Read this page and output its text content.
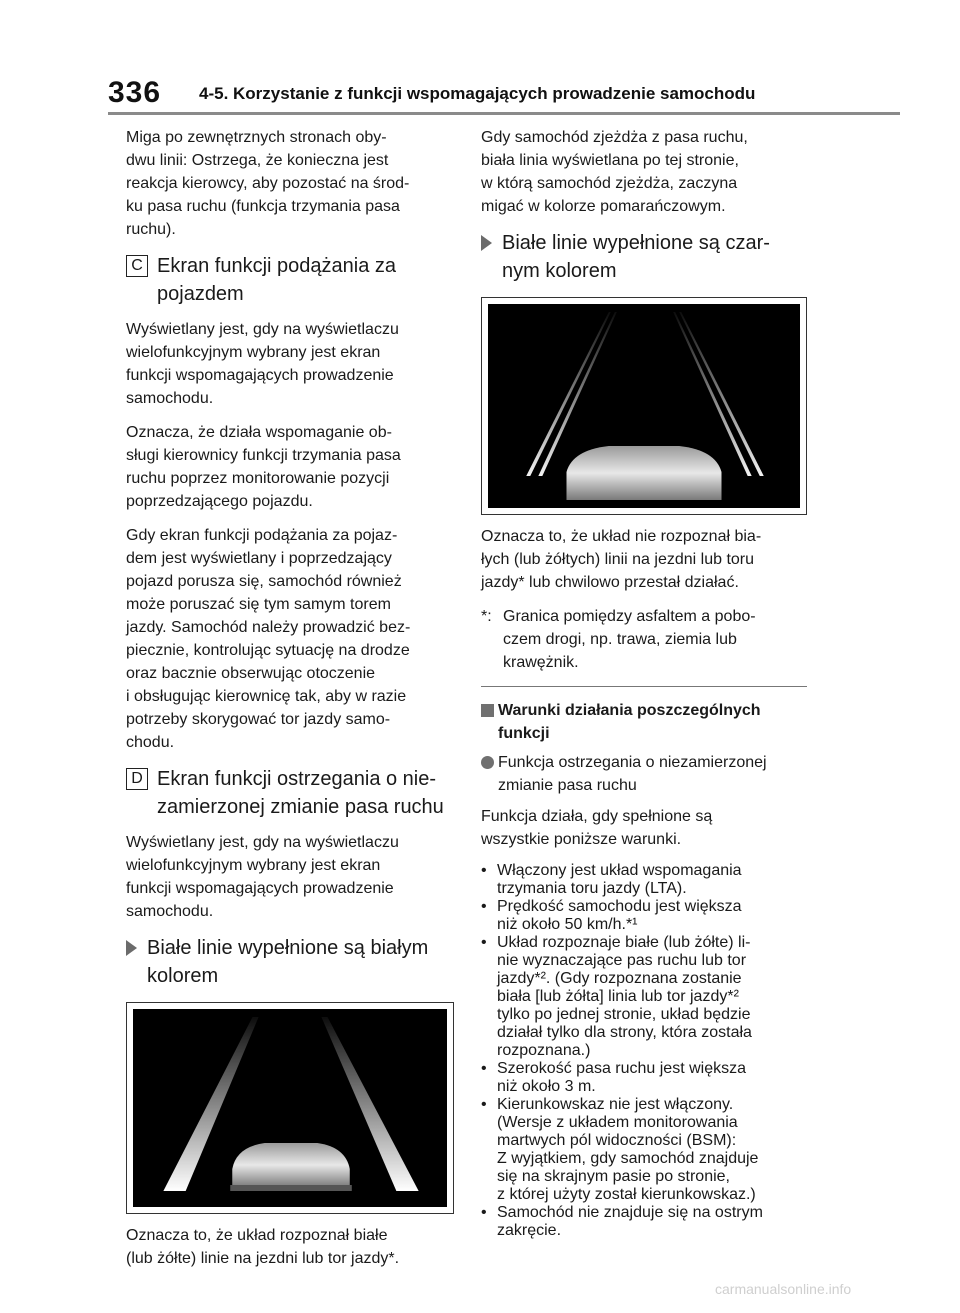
336 4-5. Korzystanie z funkcji wspomagających prowadzenie samochodu

Miga po zewnętrznych stronach oby-
dwu linii: Ostrzega, że konieczna jest
reakcja kierowcy, aby pozostać na środ-
ku pasa ruchu (funkcja trzymania pasa
ruchu).

C Ekran funkcji podążania za
pojazdem

Wyświetlany jest, gdy na wyświetlaczu
wielofunkcyjnym wybrany jest ekran
funkcji wspomagających prowadzenie
samochodu.

Oznacza, że działa wspomaganie ob-
sługi kierownicy funkcji trzymania pasa
ruchu poprzez monitorowanie pozycji
poprzedzającego pojazdu.

Gdy ekran funkcji podążania za pojaz-
dem jest wyświetlany i poprzedzający
pojazd porusza się, samochód również
może poruszać się tym samym torem
jazdy. Samochód należy prowadzić bez-
piecznie, kontrolując sytuację na drodze
oraz bacznie obserwując otoczenie
i obsługując kierownicę tak, aby w razie
potrzeby skorygować tor jazdy samo-
chodu.

D Ekran funkcji ostrzegania o nie-
zamierzonej zmianie pasa ruchu

Wyświetlany jest, gdy na wyświetlaczu
wielofunkcyjnym wybrany jest ekran
funkcji wspomagających prowadzenie
samochodu.

Białe linie wypełnione są białym
kolorem

Oznacza to, że układ rozpoznał białe
(lub żółte) linie na jezdni lub tor jazdy*.

Gdy samochód zjeżdża z pasa ruchu,
biała linia wyświetlana po tej stronie,
w którą samochód zjeżdża, zaczyna
migać w kolorze pomarańczowym.

Białe linie wypełnione są czar-
nym kolorem

Oznacza to, że układ nie rozpoznał bia-
łych (lub żółtych) linii na jezdni lub toru
jazdy* lub chwilowo przestał działać.

*: Granica pomiędzy asfaltem a pobo-
czem drogi, np. trawa, ziemia lub
krawężnik.
Warunki działania poszczególnych
funkcji
Funkcja ostrzegania o niezamierzonej
zmianie pasa ruchu

Funkcja działa, gdy spełnione są
wszystkie poniższe warunki.

• Włączony jest układ wspomagania
trzymania toru jazdy (LTA).
• Prędkość samochodu jest większa
niż około 50 km/h.*¹
• Układ rozpoznaje białe (lub żółte) li-
nie wyznaczające pas ruchu lub tor
jazdy*². (Gdy rozpoznana zostanie
biała [lub żółta] linia lub tor jazdy*²
tylko po jednej stronie, układ będzie
działał tylko dla strony, która została
rozpoznana.)
• Szerokość pasa ruchu jest większa
niż około 3 m.
• Kierunkowskaz nie jest włączony.
(Wersje z układem monitorowania
martwych pól widoczności (BSM):
Z wyjątkiem, gdy samochód znajduje
się na skrajnym pasie po stronie,
z której użyty został kierunkowskaz.)
• Samochód nie znajduje się na ostrym
zakręcie.
carmanualsonline.info
